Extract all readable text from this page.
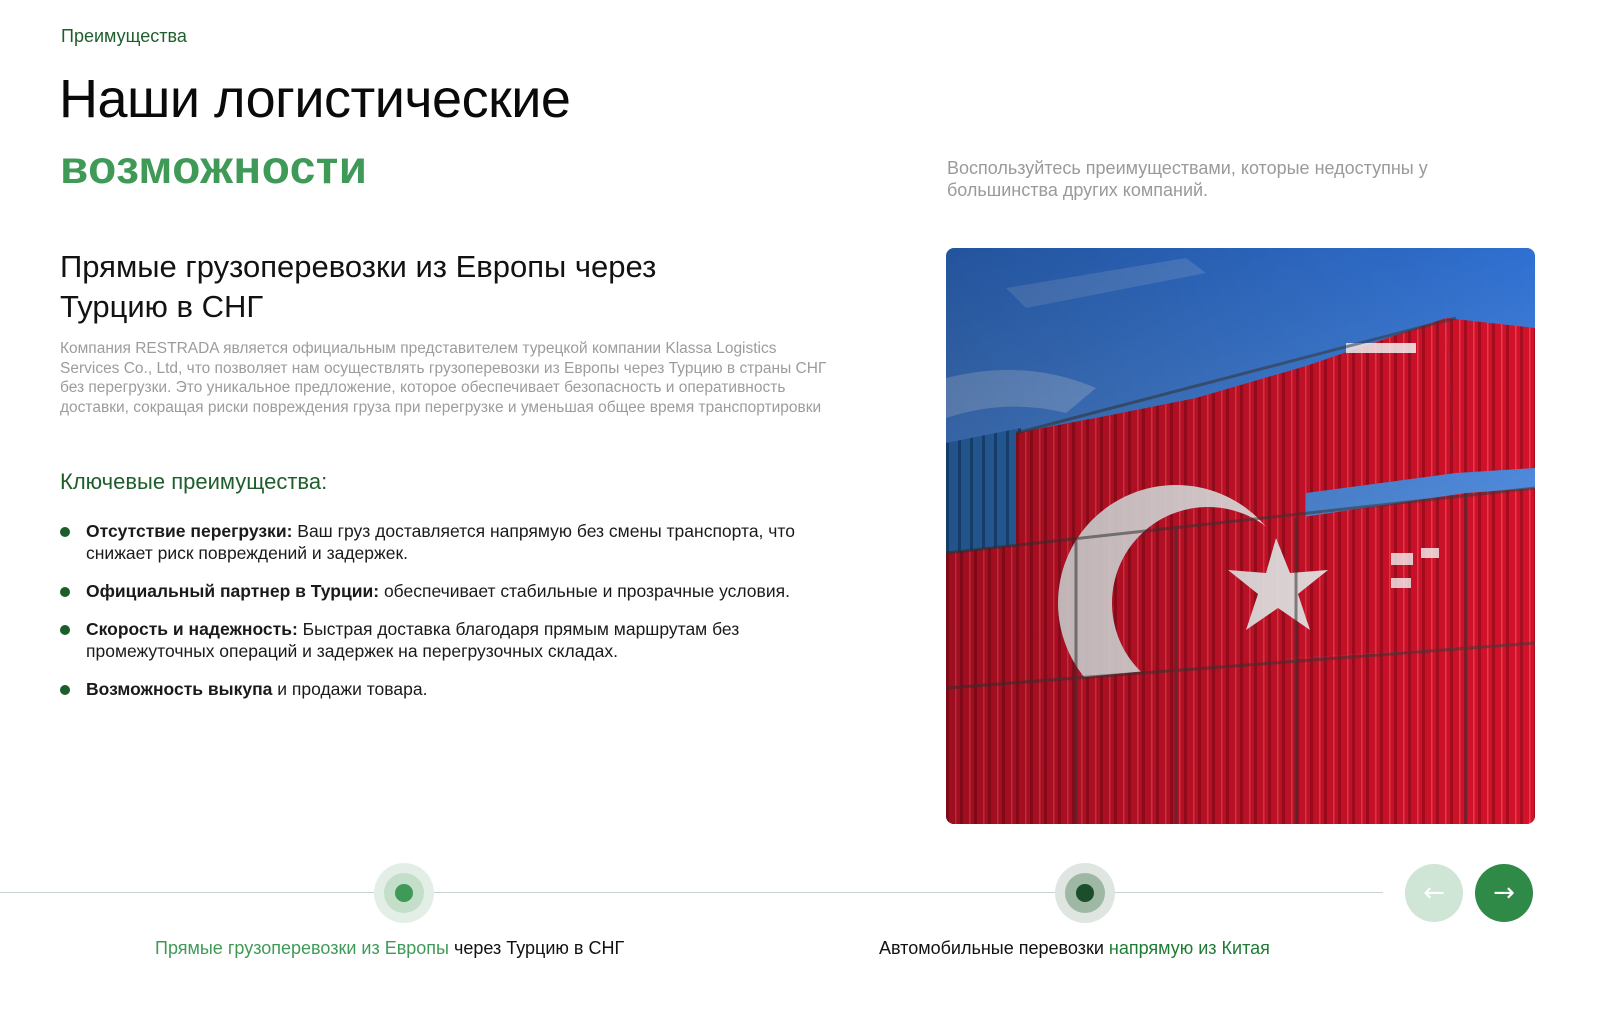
Преимущества
Наши логистические
возможности	Воспользуйтесь преимуществами, которые недоступны у большинства других компаний.
Прямые грузоперевозки из Европы через Турцию в СНГ
Компания RESTRADA является официальным представителем турецкой компании Klassa Logistics Services Co., Ltd, что позволяет нам осуществлять грузоперевозки из Европы через Турцию в страны СНГ без перегрузки. Это уникальное предложение, которое обеспечивает безопасность и оперативность доставки, сокращая риски повреждения груза при перегрузке и уменьшая общее время транспортировки
Ключевые преимущества:
Отсутствие перегрузки: Ваш груз доставляется напрямую без смены транспорта, что снижает риск повреждений и задержек.
Официальный партнер в Турции: обеспечивает стабильные и прозрачные условия.
Скорость и надежность: Быстрая доставка благодаря прямым маршрутам без промежуточных операций и задержек на перегрузочных складах.
Возможность выкупа и продажи товара.
Прямые грузоперевозки из Европы через Турцию в СНГ	Автомобильные перевозки напрямую из Китая
← →
